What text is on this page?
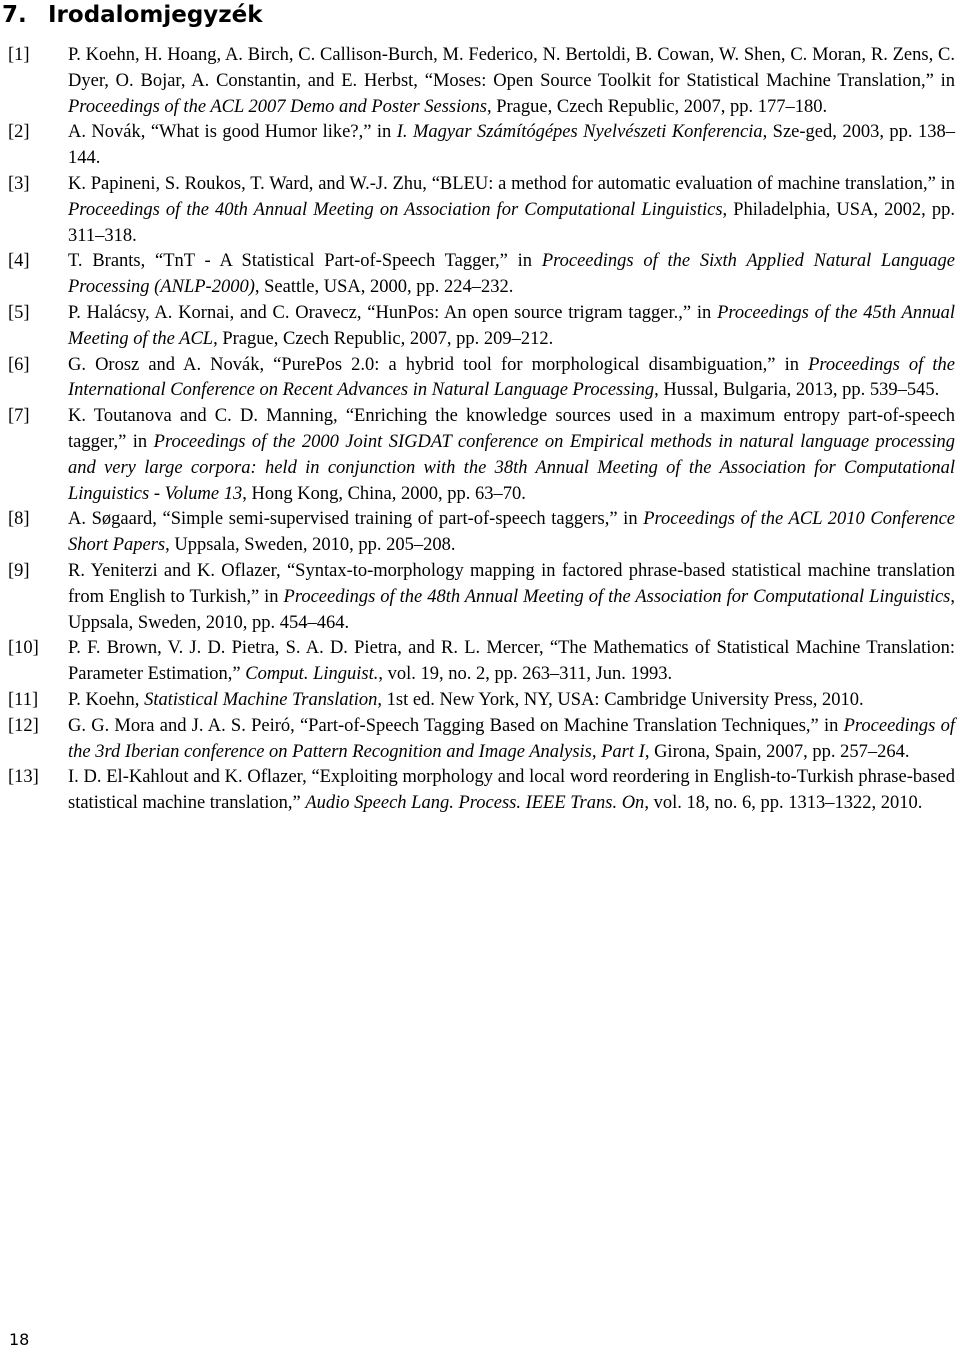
7. Irodalomjegyzék
[1]	P. Koehn, H. Hoang, A. Birch, C. Callison-Burch, M. Federico, N. Bertoldi, B. Cowan, W. Shen, C. Moran, R. Zens, C. Dyer, O. Bojar, A. Constantin, and E. Herbst, “Moses: Open Source Toolkit for Statistical Machine Translation,” in Proceedings of the ACL 2007 Demo and Poster Sessions, Prague, Czech Republic, 2007, pp. 177–180.
[2]	A. Novák, “What is good Humor like?,” in I. Magyar Számítógépes Nyelvészeti Konferencia, Sze-ged, 2003, pp. 138–144.
[3]	K. Papineni, S. Roukos, T. Ward, and W.-J. Zhu, “BLEU: a method for automatic evaluation of machine translation,” in Proceedings of the 40th Annual Meeting on Association for Computational Linguistics, Philadelphia, USA, 2002, pp. 311–318.
[4]	T. Brants, “TnT - A Statistical Part-of-Speech Tagger,” in Proceedings of the Sixth Applied Natural Language Processing (ANLP-2000), Seattle, USA, 2000, pp. 224–232.
[5]	P. Halácsy, A. Kornai, and C. Oravecz, “HunPos: An open source trigram tagger.,” in Proceedings of the 45th Annual Meeting of the ACL, Prague, Czech Republic, 2007, pp. 209–212.
[6]	G. Orosz and A. Novák, “PurePos 2.0: a hybrid tool for morphological disambiguation,” in Proceedings of the International Conference on Recent Advances in Natural Language Processing, Hussal, Bulgaria, 2013, pp. 539–545.
[7]	K. Toutanova and C. D. Manning, “Enriching the knowledge sources used in a maximum entropy part-of-speech tagger,” in Proceedings of the 2000 Joint SIGDAT conference on Empirical methods in natural language processing and very large corpora: held in conjunction with the 38th Annual Meeting of the Association for Computational Linguistics - Volume 13, Hong Kong, China, 2000, pp. 63–70.
[8]	A. Søgaard, “Simple semi-supervised training of part-of-speech taggers,” in Proceedings of the ACL 2010 Conference Short Papers, Uppsala, Sweden, 2010, pp. 205–208.
[9]	R. Yeniterzi and K. Oflazer, “Syntax-to-morphology mapping in factored phrase-based statistical machine translation from English to Turkish,” in Proceedings of the 48th Annual Meeting of the Association for Computational Linguistics, Uppsala, Sweden, 2010, pp. 454–464.
[10]	P. F. Brown, V. J. D. Pietra, S. A. D. Pietra, and R. L. Mercer, “The Mathematics of Statistical Machine Translation: Parameter Estimation,” Comput. Linguist., vol. 19, no. 2, pp. 263–311, Jun. 1993.
[11]	P. Koehn, Statistical Machine Translation, 1st ed. New York, NY, USA: Cambridge University Press, 2010.
[12]	G. G. Mora and J. A. S. Peiró, “Part-of-Speech Tagging Based on Machine Translation Techniques,” in Proceedings of the 3rd Iberian conference on Pattern Recognition and Image Analysis, Part I, Girona, Spain, 2007, pp. 257–264.
[13]	I. D. El-Kahlout and K. Oflazer, “Exploiting morphology and local word reordering in English-to-Turkish phrase-based statistical machine translation,” Audio Speech Lang. Process. IEEE Trans. On, vol. 18, no. 6, pp. 1313–1322, 2010.
18
